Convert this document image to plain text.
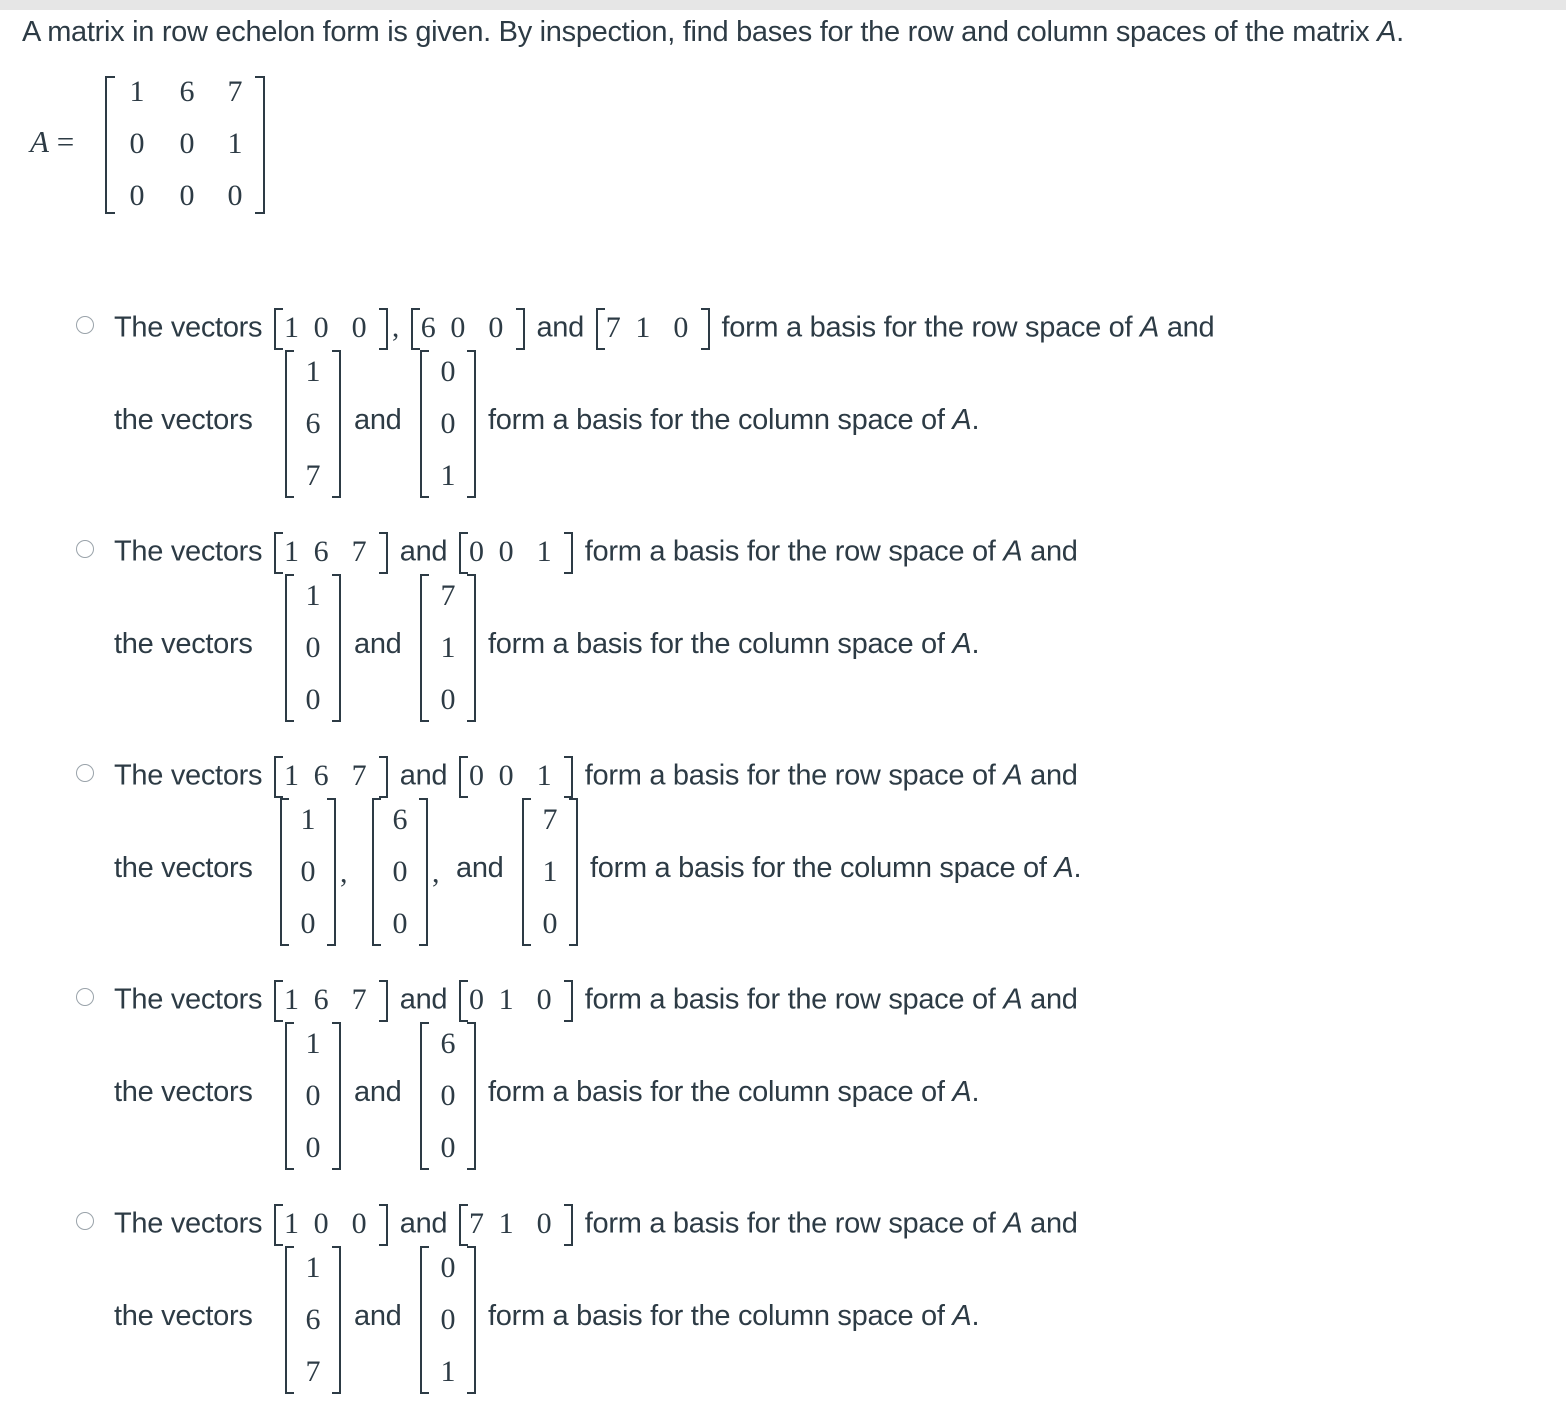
A matrix in row echelon form is given. By inspection, find bases for the row and column spaces of the matrix A.
A =
1	6	7
0	0	1
0	0	0
The vectors 1 0 0 , 6 0 0 and 7 1 0 form a basis for the row space of A and
the vectors
1
6
7
and
0
0
1
form a basis for the column space of A.
The vectors 1 6 7 and 0 0 1 form a basis for the row space of A and
the vectors
1
0
0
and
7
1
0
form a basis for the column space of A.
The vectors 1 6 7 and 0 0 1 form a basis for the row space of A and
the vectors
1
0
0
,
6
0
0
, and
7
1
0
form a basis for the column space of A.
The vectors 1 6 7 and 0 1 0 form a basis for the row space of A and
the vectors
1
0
0
and
6
0
0
form a basis for the column space of A.
The vectors 1 0 0 and 7 1 0 form a basis for the row space of A and
the vectors
1
6
7
and
0
0
1
form a basis for the column space of A.
